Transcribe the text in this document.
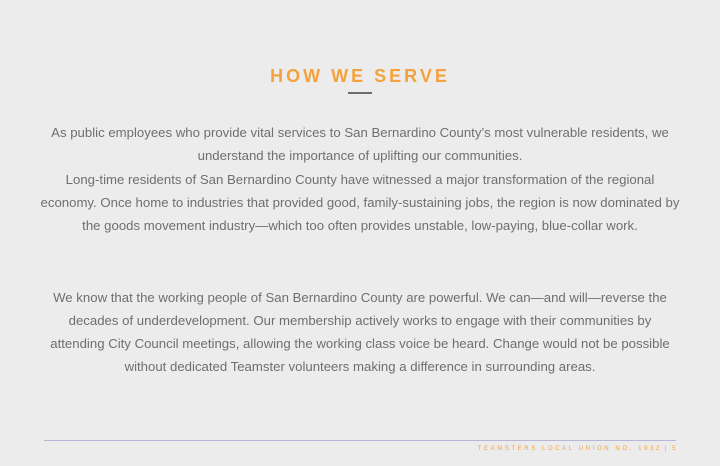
HOW WE SERVE

As public employees who provide vital services to San Bernardino County’s most vulnerable residents, we understand the importance of uplifting our communities.

Long-time residents of San Bernardino County have witnessed a major transformation of the regional economy. Once home to industries that provided good, family-sustaining jobs, the region is now dominated by the goods movement industry—which too often provides unstable, low-paying, blue-collar work.

We know that the working people of San Bernardino County are powerful. We can—and will—reverse the decades of underdevelopment. Our membership actively works to engage with their communities by attending City Council meetings, allowing the working class voice be heard. Change would not be possible without dedicated Teamster volunteers making a difference in surrounding areas.

TEAMSTERS LOCAL UNION NO. 1932 | 5
